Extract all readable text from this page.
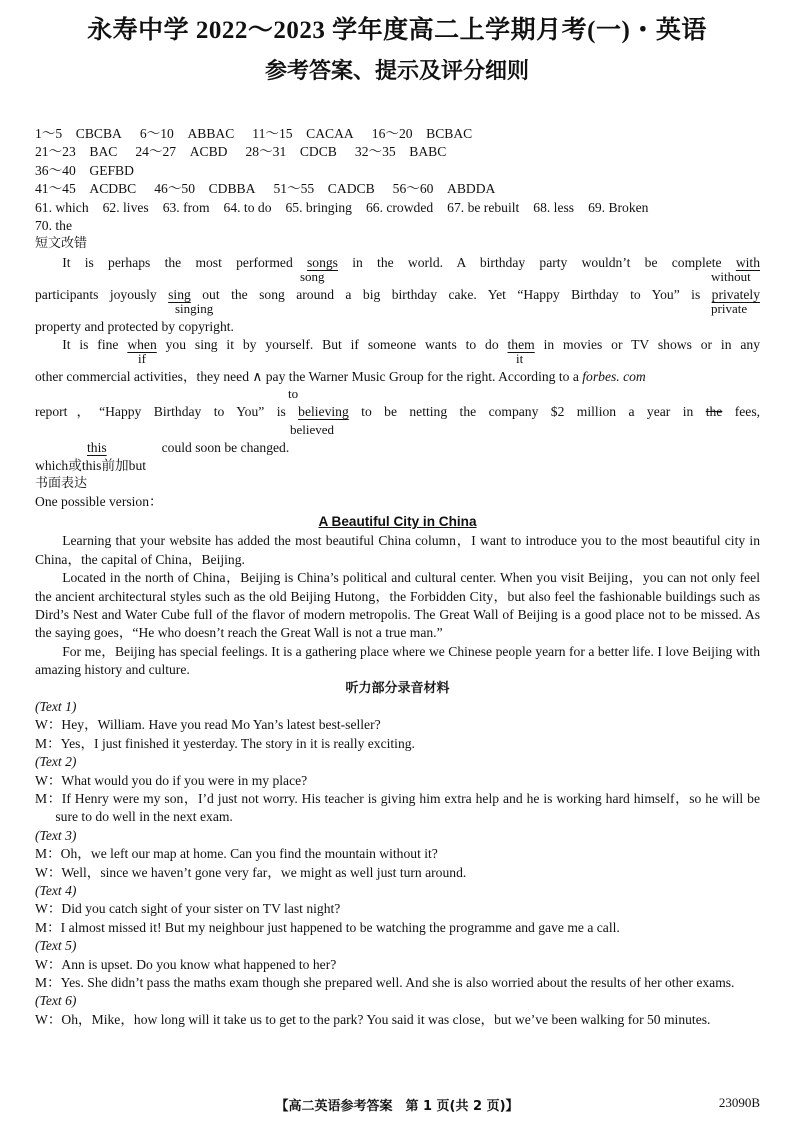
永寿中学 2022～2023 学年度高二上学期月考(一)・英语
参考答案、提示及评分细则
1～5　CBCBA 6～10　ABBAC 11～15　CACAA 16～20　BCBAC
21～23　BAC 24～27　ACBD 28～31　CDCB 32～35　BABC
36～40　GEFBD
41～45　ACDBC 46～50　CDBBA 51～55　CADCB 56～60　ABDDA
61. which 62. lives 63. from 64. to do 65. bringing 66. crowded 67. be rebuilt 68. less 69. Broken
70. the
短文改错
It is perhaps the most performed songs in the world. A birthday party wouldn’t be complete with
song	without
participants joyously sing out the song around a big birthday cake. Yet “Happy Birthday to You” is privately
singing	private
property and protected by copyright.
It is fine when you sing it by yourself. But if someone wants to do them in movies or TV shows or in any
if	it
other commercial activities，they need ∧ pay the Warner Music Group for the right. According to a forbes. com
to
report，“Happy Birthday to You” is believing to be netting the company $2 million a year in the fees,
believed
this	could soon be changed.
which或this前加but
书面表达
One possible version：
A Beautiful City in China
Learning that your website has added the most beautiful China column，I want to introduce you to the most beautiful city in China，the capital of China，Beijing.
Located in the north of China，Beijing is China’s political and cultural center. When you visit Beijing，you can not only feel the ancient architectural styles such as the old Beijing Hutong，the Forbidden City，but also feel the fashionable buildings such as Dird’s Nest and Water Cube full of the flavor of modern metropolis. The Great Wall of Beijing is a good place not to be missed. As the saying goes，“He who doesn’t reach the Great Wall is not a true man.”
For me，Beijing has special feelings. It is a gathering place where we Chinese people yearn for a better life. I love Beijing with amazing history and culture.
听力部分录音材料
(Text 1)
W：Hey，William. Have you read Mo Yan’s latest best-seller?
M：Yes，I just finished it yesterday. The story in it is really exciting.
(Text 2)
W：What would you do if you were in my place?
M：If Henry were my son，I’d just not worry. His teacher is giving him extra help and he is working hard himself，so he will be sure to do well in the next exam.
(Text 3)
M：Oh，we left our map at home. Can you find the mountain without it?
W：Well，since we haven’t gone very far，we might as well just turn around.
(Text 4)
W：Did you catch sight of your sister on TV last night?
M：I almost missed it! But my neighbour just happened to be watching the programme and gave me a call.
(Text 5)
W：Ann is upset. Do you know what happened to her?
M：Yes. She didn’t pass the maths exam though she prepared well. And she is also worried about the results of her other exams.
(Text 6)
W：Oh，Mike，how long will it take us to get to the park? You said it was close，but we’ve been walking for 50 minutes.
【高二英语参考答案　第 1 页(共 2 页)】	23090B
